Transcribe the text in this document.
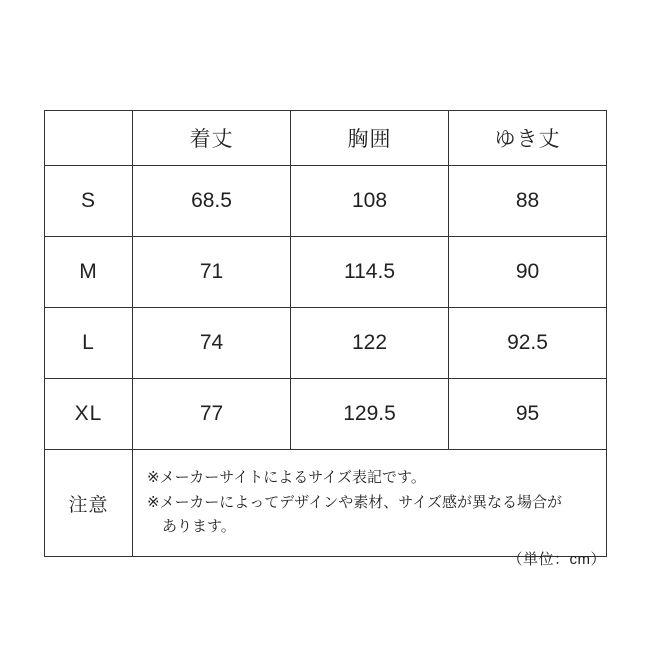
	着丈	胸囲	ゆき丈
S	68.5	108	88
M	71	114.5	90
L	74	122	92.5
XL	77	129.5	95
注意	※メーカーサイトによるサイズ表記です。
※メーカーによってデザインや素材、サイズ感が異なる場合が
　あります。		
（単位：cm）
